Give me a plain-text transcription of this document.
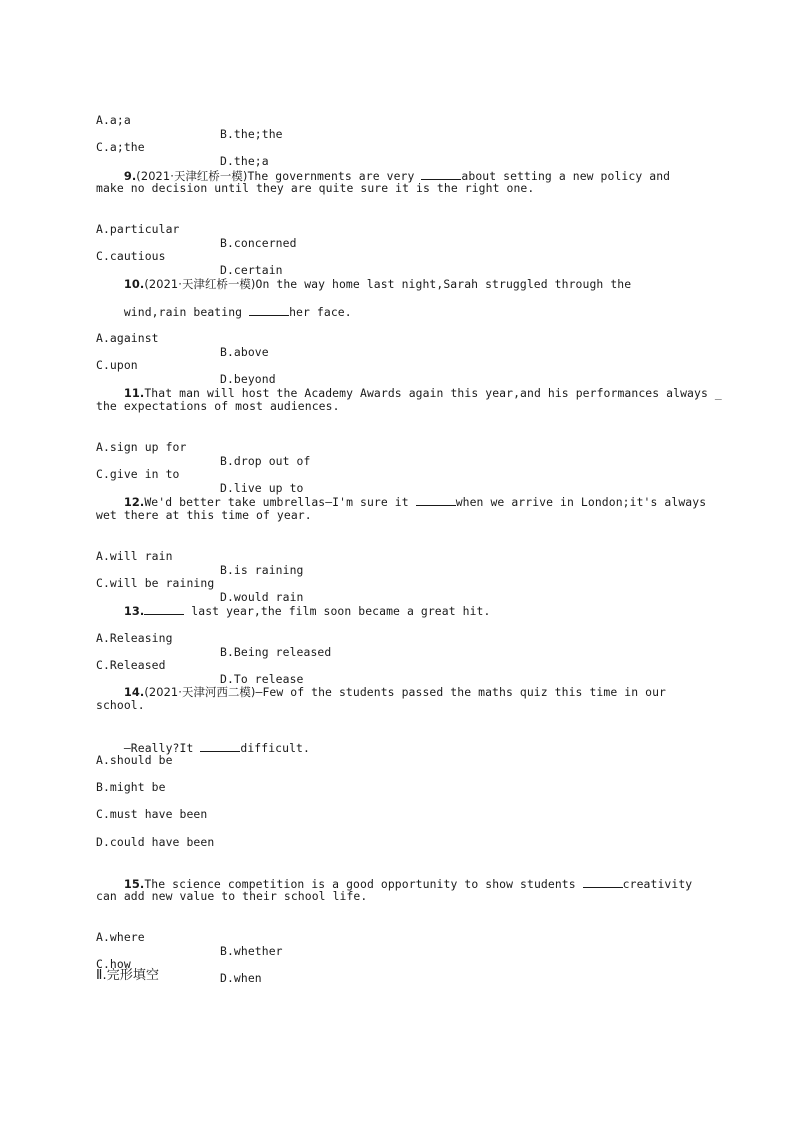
A.a;a

B.the;the

C.a;the

D.the;a

9.(2021·天津红桥一模)The governments are very	about setting a new policy and

make no decision until they are quite sure it is the right one.

A.particular

B.concerned

C.cautious

D.certain

10.(2021·天津红桥一模)On the way home last night,Sarah struggled through the

wind,rain beating	her face.

A.against

B.above

C.upon

D.beyond

11.That man will host the Academy Awards again this year,and his performances always _

the expectations of most audiences.

A.sign up for

B.drop out of

C.give in to

D.live up to

12.We'd better take umbrellas—I'm sure it	when we arrive in London;it's always

wet there at this time of year.

A.will rain

B.is raining

C.will be raining

D.would rain

13.	last year,the film soon became a great hit.

A.Releasing

B.Being released

C.Released

D.To release

14.(2021·天津河西二模)—Few of the students passed the maths quiz this time in our

school.

—Really?It	difficult.

A.should be
B.might be
C.must have been
D.could have been

15.The science competition is a good opportunity to show students	creativity

can add new value to their school life.

A.where

B.whether

C.how

D.when

Ⅱ.完形填空
